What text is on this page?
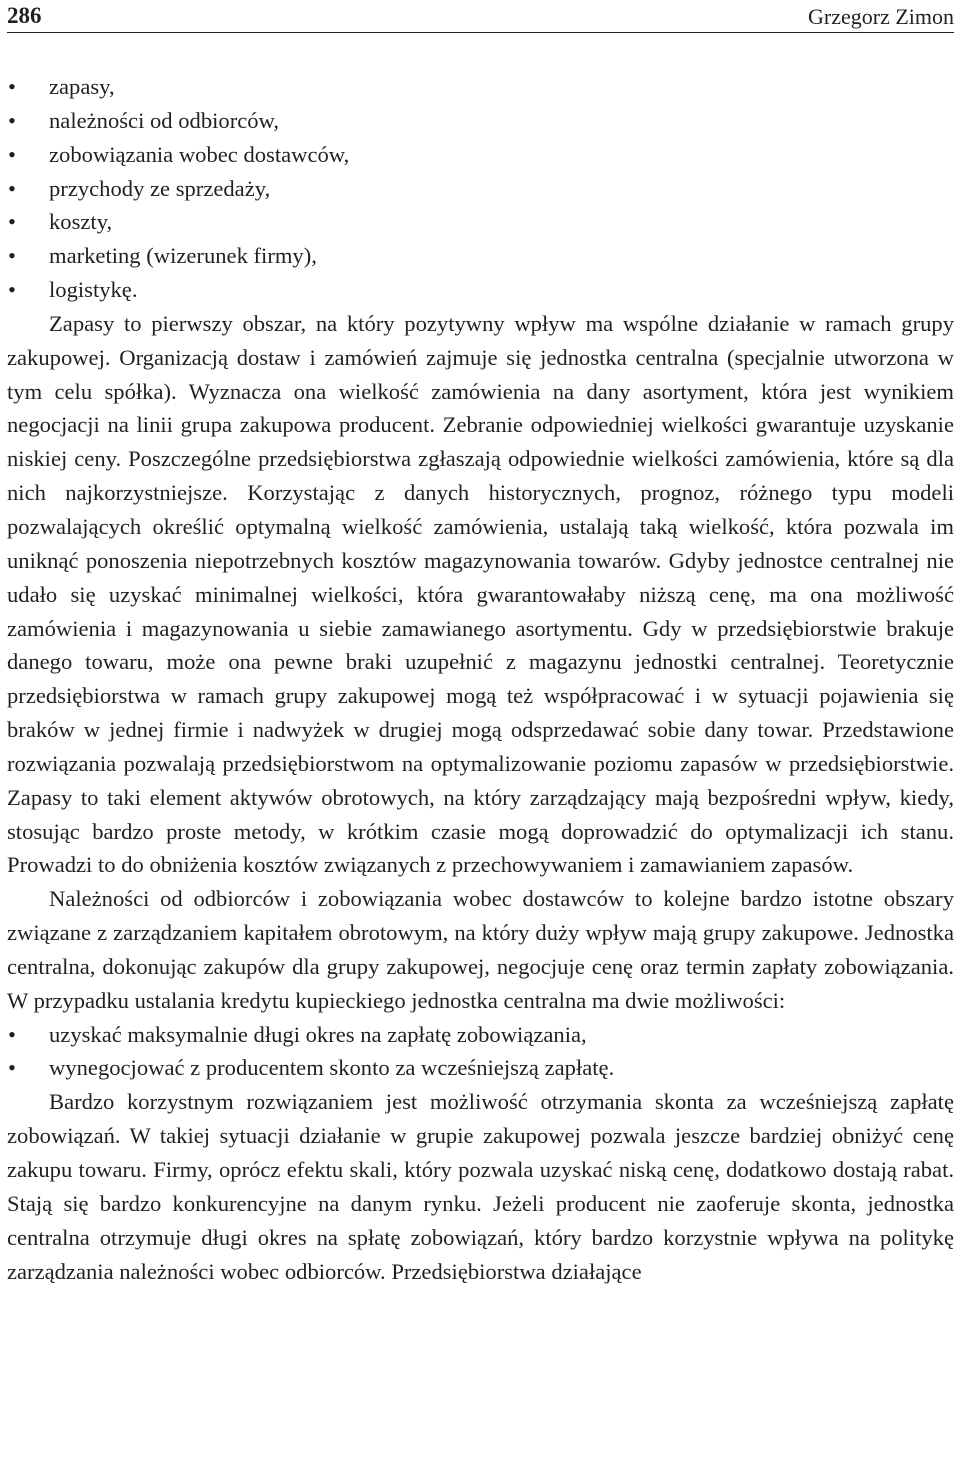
286	Grzegorz Zimon
• zapasy,
• należności od odbiorców,
• zobowiązania wobec dostawców,
• przychody ze sprzedaży,
• koszty,
• marketing (wizerunek firmy),
• logistykę.

Zapasy to pierwszy obszar, na który pozytywny wpływ ma wspólne działanie w ramach grupy zakupowej. Organizacją dostaw i zamówień zajmuje się jednostka centralna (specjalnie utworzona w tym celu spółka). Wyznacza ona wielkość zamówienia na dany asortyment, która jest wynikiem negocjacji na linii grupa zakupowa producent. Zebranie odpowiedniej wielkości gwarantuje uzyskanie niskiej ceny. Poszczególne przedsiębiorstwa zgłaszają odpowiednie wielkości zamówienia, które są dla nich najkorzystniejsze. Korzystając z danych historycznych, prognoz, różnego typu modeli pozwalających określić optymalną wielkość zamówienia, ustalają taką wielkość, która pozwala im uniknąć ponoszenia niepotrzebnych kosztów magazynowania towarów. Gdyby jednostce centralnej nie udało się uzyskać minimalnej wielkości, która gwarantowałaby niższą cenę, ma ona możliwość zamówienia i magazynowania u siebie zamawianego asortymentu. Gdy w przedsiębiorstwie brakuje danego towaru, może ona pewne braki uzupełnić z magazynu jednostki centralnej. Teoretycznie przedsiębiorstwa w ramach grupy zakupowej mogą też współpracować i w sytuacji pojawienia się braków w jednej firmie i nadwyżek w drugiej mogą odsprzedawać sobie dany towar. Przedstawione rozwiązania pozwalają przedsiębiorstwom na optymalizowanie poziomu zapasów w przedsiębiorstwie. Zapasy to taki element aktywów obrotowych, na który zarządzający mają bezpośredni wpływ, kiedy, stosując bardzo proste metody, w krótkim czasie mogą doprowadzić do optymalizacji ich stanu. Prowadzi to do obniżenia kosztów związanych z przechowywaniem i zamawianiem zapasów.

Należności od odbiorców i zobowiązania wobec dostawców to kolejne bardzo istotne obszary związane z zarządzaniem kapitałem obrotowym, na który duży wpływ mają grupy zakupowe. Jednostka centralna, dokonując zakupów dla grupy zakupowej, negocjuje cenę oraz termin zapłaty zobowiązania. W przypadku ustalania kredytu kupieckiego jednostka centralna ma dwie możliwości:

• uzyskać maksymalnie długi okres na zapłatę zobowiązania,
• wynegocjować z producentem skonto za wcześniejszą zapłatę.

Bardzo korzystnym rozwiązaniem jest możliwość otrzymania skonta za wcześniejszą zapłatę zobowiązań. W takiej sytuacji działanie w grupie zakupowej pozwala jeszcze bardziej obniżyć cenę zakupu towaru. Firmy, oprócz efektu skali, który pozwala uzyskać niską cenę, dodatkowo dostają rabat. Stają się bardzo konkurencyjne na danym rynku. Jeżeli producent nie zaoferuje skonta, jednostka centralna otrzymuje długi okres na spłatę zobowiązań, który bardzo korzystnie wpływa na politykę zarządzania należności wobec odbiorców. Przedsiębiorstwa działające
